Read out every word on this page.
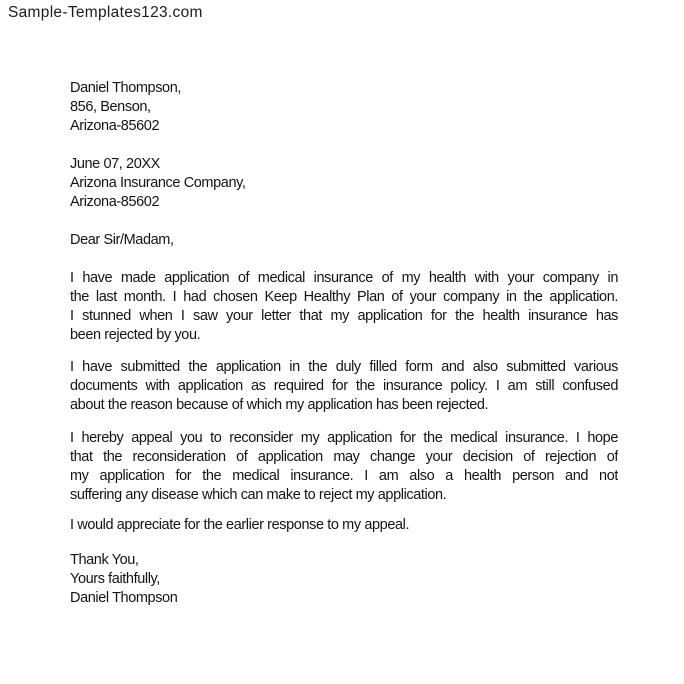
Sample-Templates123.com
Daniel Thompson,
856, Benson,
Arizona-85602
June 07, 20XX
Arizona Insurance Company,
Arizona-85602
Dear Sir/Madam,
I have made application of medical insurance of my health with your company in
the last month. I had chosen Keep Healthy Plan of your company in the application.
I stunned when I saw your letter that my application for the health insurance has
been rejected by you.
I have submitted the application in the duly filled form and also submitted various
documents with application as required for the insurance policy. I am still confused
about the reason because of which my application has been rejected.
I hereby appeal you to reconsider my application for the medical insurance. I hope
that the reconsideration of application may change your decision of rejection of
my application for the medical insurance. I am also a health person and not
suffering any disease which can make to reject my application.
I would appreciate for the earlier response to my appeal.
Thank You,
Yours faithfully,
Daniel Thompson
